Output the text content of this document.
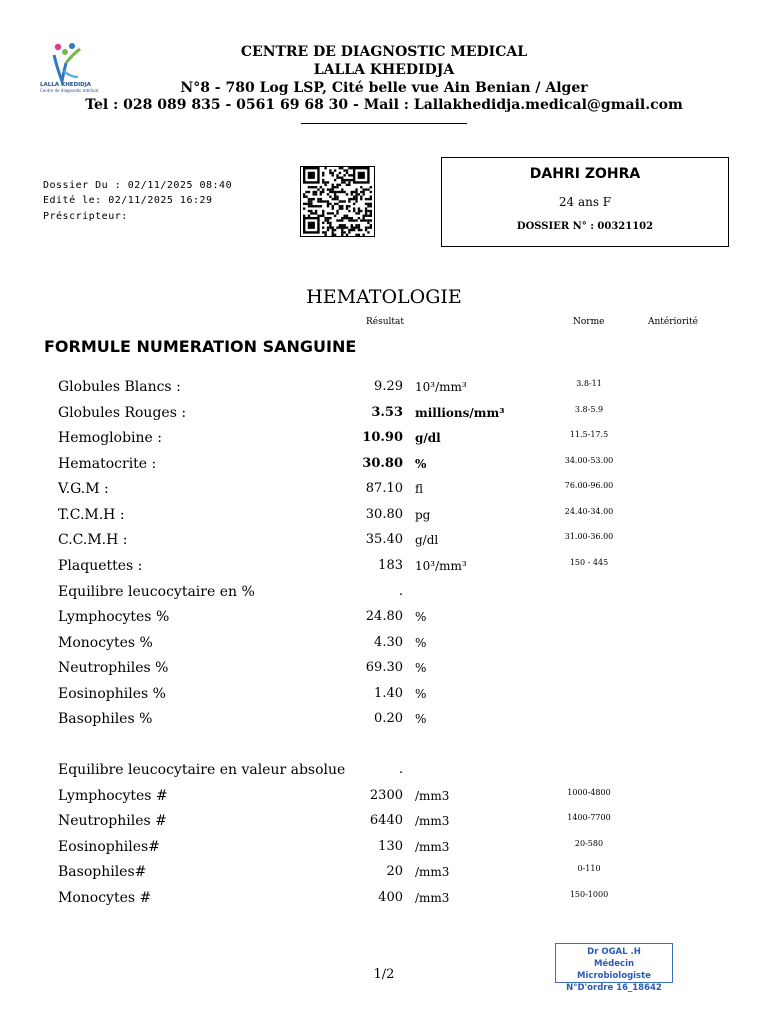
LALLA KHEDIDJA
Centre de diagnostic médical
CENTRE DE DIAGNOSTIC MEDICAL
LALLA KHEDIDJA
N°8 - 780 Log LSP, Cité belle vue Ain Benian / Alger
Tel : 028 089 835 - 0561 69 68 30 - Mail : Lallakhedidja.medical@gmail.com
Dossier Du : 02/11/2025 08:40
Edité le: 02/11/2025 16:29
Préscripteur:
DAHRI ZOHRA
24 ans F
DOSSIER N° : 00321102
HEMATOLOGIE
Résultat	Norme	Antériorité
FORMULE NUMERATION SANGUINE
Globules Blancs :	9.29 10³/mm³	3.8-11
Globules Rouges :	3.53 millions/mm³	3.8-5.9
Hemoglobine :	10.90 g/dl	11.5-17.5
Hematocrite :	30.80 %	34.00-53.00
V.G.M :	87.10 fl	76.00-96.00
T.C.M.H :	30.80 pg	24.40-34.00
C.C.M.H :	35.40 g/dl	31.00-36.00
Plaquettes :	183 10³/mm³	150 - 445
Equilibre leucocytaire en %	.
Lymphocytes %	24.80 %
Monocytes %	4.30 %
Neutrophiles %	69.30 %
Eosinophiles %	1.40 %
Basophiles %	0.20 %
Equilibre leucocytaire en valeur absolue	.
Lymphocytes #	2300 /mm3	1000-4800
Neutrophiles #	6440 /mm3	1400-7700
Eosinophiles#	130 /mm3	20-580
Basophiles#	20 /mm3	0-110
Monocytes #	400 /mm3	150-1000
1/2
Dr OGAL .H
Médecin Microbiologiste
N°D'ordre 16_18642
